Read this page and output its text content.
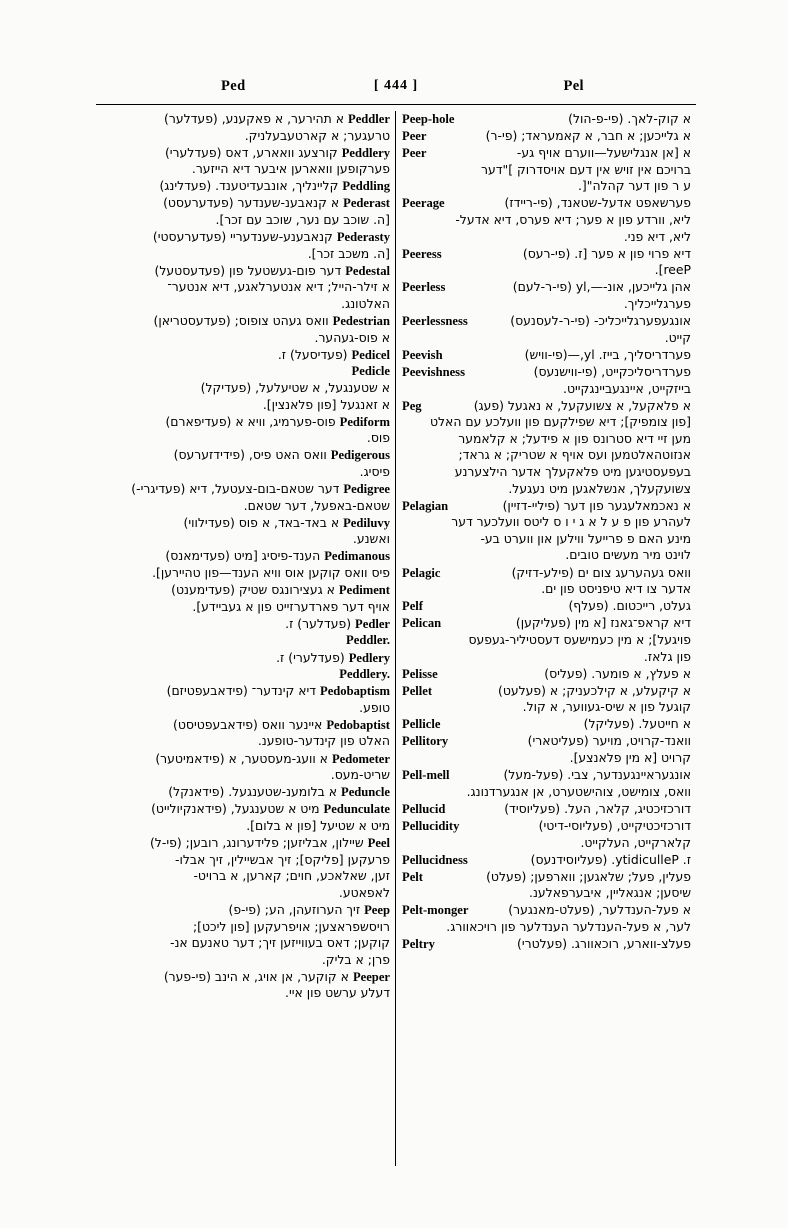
Ped	[ 444 ]	Pel
Peddler
א תהירער, א פאקענע, (פעדלער)
טרעגער; א קארטעבעלניק.
Peddlery
קורצעג וואארע, דאס (פעדלערי)
פערקופען וואארען איבער דיא הייזער.
Peddling
קליינליך, אונבעדיטענד. (פעדלינג)
Pederast
א קנאבענ-שענדער (פעדערעסט)
[ה. שוכב עם נער, שוכב עם זכר].
Pederasty
קנאבענע-שענדעריי (פעדערעסטי)
[ה. משכב זכר].
Pedestal
דער פום-געשטעל פון (פעדעסטעל)
א זילר-הייל; דיא אנטערלאגע, דיא אנטער־
האלטונג.
Pedestrian
וואס געהט צופוס; (פעדעסטריאן)
א פוס-געהער.
Pedicel
(פעדיסעל) ז.
Pedicle
א שטענגעל, א שטיעלעל, (פעדיקל)
א זאנגעל [פון פלאנצין].
Pediform
פוס-פערמיג, וויא א (פעדיפארם)
פוס.
Pedigerous
וואס האט פיס, (פידידזערעס)
פיסיג.
Pedigree
דער שטאם-בום-צעטעל, דיא (פעדיגרי-)
שטאם-באפעל, דער שטאם.
Pediluvy
א באד-באד, א פוס (פעדילווי)
ואשנע.
Pedimanous
הענד-פיסיג [מיט (פעדימאנס)
פיס וואס קוקען אוס וויא הענד—פון טהיירען].
Pediment
א געצירונגס שטיק (פעדימענט)
אויף דער פארדערזייט פון א געביידע].
Pedler
(פעדלער) ז.
Peddler.
Pedlery
(פעדלערי) ז.
Peddlery.
Pedobaptism
דיא קינדער־ (פידאבעפטיזם)
טופע.
Pedobaptist
איינער וואס (פידאבעפטיסט)
האלט פון קינדער-טופענ.
Pedometer
א וועג-מעסטער, א (פידאמיטער)
שריט-מעס.
Peduncle
א בלומענ-שטענגעל. (פידאנקל)
Pedunculate
מיט א שטענגעל, (פידאנקיולייט)
מיט א שטיעל [פון א בלום].
Peel
שיילון, אבליזען; פלידערונג, רובען; (פי-ל)
פרעקען [פליקס]; זיך אבשיילין, זיך אבלו-
זען, שאלאכע, חוים; קארען, א ברויט-
לאפאטע.
Peep
זיך הערוזעהן, הע; (פי-פ)
רויסשפראצען; אויפרעקען [פון ליכט];
קוקען; דאס בעווייזען זיך; דער טאנעם אנ-
פרן; א בליק.
Peeper
א קוקער, אן אויג, א הינב (פי-פער)
דעלע ערשט פון איי.
Peep-hole	א קוק-לאך. (פי-פ-הול)
Peer	א גלייכען; א חבר, א קאמעראד; (פי-ר)
Peer	א [אן אנגלישעל—ווערם אויף גע-
ברויכם אין זויש אין דעם אויסדרוק ]"דער
ע ר פון דער קהלה"[.
Peerage	פערשאפט אדעל-שטאנד, (פי-ריידז)
ליא, וורדע פון א פער; דיא פערס, דיא אדעל-
ליא, דיא פני.
Peeress	דיא פרוי פון א פער [ז. (פי-רעס)
Peer].
Peerless	אהן גלייכען, אונ-—,ly (פי-ר-לעם)
פערגלייכליך.
Peerlessness	אונגעפערגלייכליכ- (פי-ר-לעסנעס)
קייט.
Peevish	פערדריסליך, בייז. ly,—(פי-וויש)
Peevishness	פערדריסליכקייט, (פי-ווישנעס)
בייזקייט, איינגעביינגקייט.
Peg	א פלאקעל, א צשועקעל, א נאגעל (פעג)
[פון צומפיק]; דיא שפילקעם פון וועלכע עם האלט
מען זיי דיא סטרונס פון א פידעל; א קלאמער
אנזוטהאלטמען ועס אויף א שטריק; א גראד;
בעפעסטיגען מיט פלאקעלך אדער הילצערנע
צשועקעלך, אנשלאגען מיט נעגעל.
Pelagian	א נאכמאלעגער פון דער (פיליי-דזיין)
לעהרע פון פ ע ל א ג י ו ס ליטס וועלכער דער
מינע האם פ פרייעל ווילען און ווערט בע-
לוינט מיר מעשים טובים.
Pelagic	וואס געהערעג צום ים (פילע-דזיק)
אדער צו דיא טיפניסט פון ים.
Pelf	געלט, רייכטום. (פעלף)
Pelican	דיא קראפ־גאנז [א מין (פעליקען)
פויגעל]; א מין כעמישעס דעסטיליר-געפעס
פון גלאז.
Pelisse	א פעלץ, א פומער. (פעליס)
Pellet	א קיקעלע, א קילכעניק; א (פעלעט)
קוגעל פון א שיס-געווער, א קול.
Pellicle	א חייטעל. (פעליקל)
Pellitory	וואנד-קרויט, מויער (פעליטארי)
קרויט [א מין פלאנצע].
Pell-mell	אונגעראיינגענדער, צבי. (פעל-מעל)
וואס, צומישט, צוהישטערט, אן אנגערדנונג.
Pellucid	דורכזיכטיג, קלאר, העל. (פעליוסיד)
Pellucidity	דורכזיכטיקייט, (פעליוסי-דיטי)
קלארקייט, העלקייט.
Pellucidness	ז. Pellucidity. (פעליוסידנעס)
Pelt	פעלין, פעל; שלאגען; ווארפען; (פעלט)
שיסען; אנגאליין, איבערפאלענ.
Pelt-monger	א פעל-הענדלער, (פעלט-מאנגער)
לער, א פעל-הענדלער הענדלער פון רויכאוורג.
Peltry	פעלצ-ווארע, רוכאוורג. (פעלטרי)
